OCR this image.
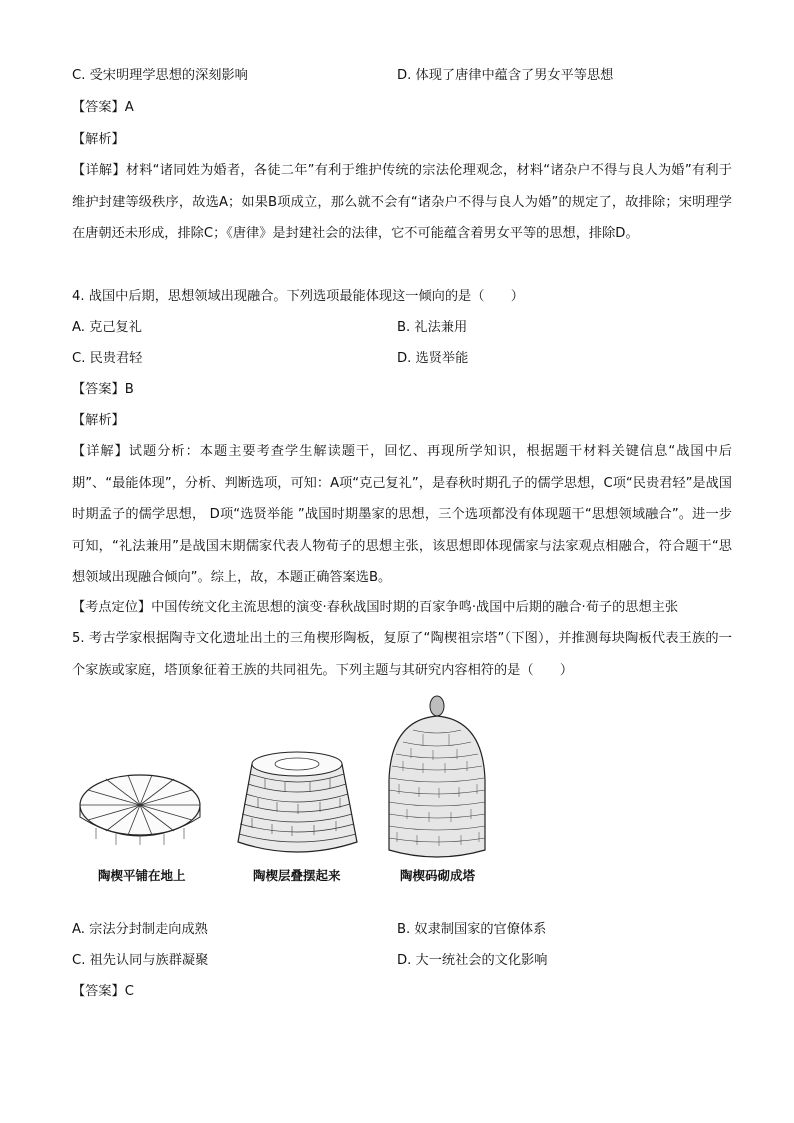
C. 受宋明理学思想的深刻影响	D. 体现了唐律中蕴含了男女平等思想
【答案】A
【解析】
【详解】材料“诸同姓为婚者，各徒二年”有利于维护传统的宗法伦理观念，材料“诸杂户不得与良人为婚”有利于维护封建等级秩序，故选A；如果B项成立，那么就不会有“诸杂户不得与良人为婚”的规定了，故排除；宋明理学在唐朝还未形成，排除C；《唐律》是封建社会的法律，它不可能蕴含着男女平等的思想，排除D。
4. 战国中后期，思想领域出现融合。下列选项最能体现这一倾向的是（　　）
A. 克己复礼	B. 礼法兼用
C. 民贵君轻	D. 选贤举能
【答案】B
【解析】
【详解】试题分析：本题主要考查学生解读题干，回忆、再现所学知识，根据题干材料关键信息“战国中后期”、“最能体现”，分析、判断选项，可知：A项“克己复礼”，是春秋时期孔子的儒学思想，C项“民贵君轻”是战国时期孟子的儒学思想， D项“选贤举能 ”战国时期墨家的思想，三个选项都没有体现题干“思想领域融合”。进一步可知，“礼法兼用”是战国末期儒家代表人物荀子的思想主张，该思想即体现儒家与法家观点相融合，符合题干“思想领域出现融合倾向”。综上，故，本题正确答案选B。
【考点定位】中国传统文化主流思想的演变·春秋战国时期的百家争鸣·战国中后期的融合·荀子的思想主张
5. 考古学家根据陶寺文化遗址出土的三角楔形陶板，复原了“陶楔祖宗塔”（下图），并推测每块陶板代表王族的一个家族或家庭，塔顶象征着王族的共同祖先。下列主题与其研究内容相符的是（　　）
陶楔平铺在地上	陶楔层叠摆起来	陶楔码砌成塔
A. 宗法分封制走向成熟	B. 奴隶制国家的官僚体系
C. 祖先认同与族群凝聚	D. 大一统社会的文化影响
【答案】C
